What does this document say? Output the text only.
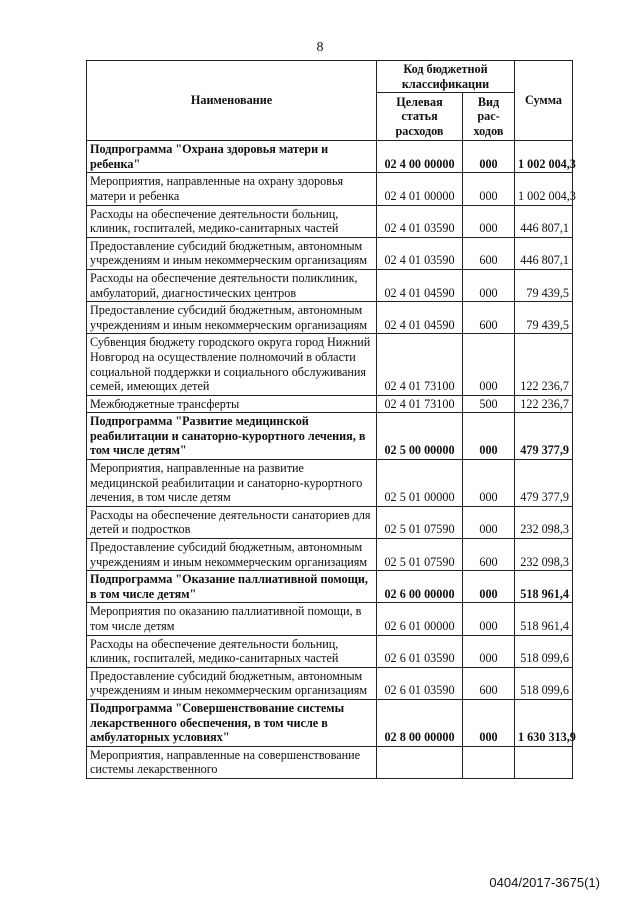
8
Наименование	Код бюджетной классификации		Сумма
	Целевая статья расходов	Вид рас-ходов	
Подпрограмма "Охрана здоровья матери и ребенка"	02 4 00 00000	000	1 002 004,3
Мероприятия, направленные на охрану здоровья матери и ребенка	02 4 01 00000	000	1 002 004,3
Расходы на обеспечение деятельности больниц, клиник, госпиталей, медико-санитарных частей	02 4 01 03590	000	446 807,1
Предоставление субсидий бюджетным, автономным учреждениям и иным некоммерческим организациям	02 4 01 03590	600	446 807,1
Расходы на обеспечение деятельности поликлиник, амбулаторий, диагностических центров	02 4 01 04590	000	79 439,5
Предоставление субсидий бюджетным, автономным учреждениям и иным некоммерческим организациям	02 4 01 04590	600	79 439,5
Субвенция бюджету городского округа город Нижний Новгород на осуществление полномочий в области социальной поддержки и социального обслуживания семей, имеющих детей	02 4 01 73100	000	122 236,7
Межбюджетные трансферты	02 4 01 73100	500	122 236,7
Подпрограмма "Развитие медицинской реабилитации и санаторно-курортного лечения, в том числе детям"	02 5 00 00000	000	479 377,9
Мероприятия, направленные на развитие медицинской реабилитации и санаторно-курортного лечения, в том числе детям	02 5 01 00000	000	479 377,9
Расходы на обеспечение деятельности санаториев для детей и подростков	02 5 01 07590	000	232 098,3
Предоставление субсидий бюджетным, автономным учреждениям и иным некоммерческим организациям	02 5 01 07590	600	232 098,3
Подпрограмма "Оказание паллиативной помощи, в том числе детям"	02 6 00 00000	000	518 961,4
Мероприятия по оказанию паллиативной помощи, в том числе детям	02 6 01 00000	000	518 961,4
Расходы на обеспечение деятельности больниц, клиник, госпиталей, медико-санитарных частей	02 6 01 03590	000	518 099,6
Предоставление субсидий бюджетным, автономным учреждениям и иным некоммерческим организациям	02 6 01 03590	600	518 099,6
Подпрограмма "Совершенствование системы лекарственного обеспечения, в том числе в амбулаторных условиях"	02 8 00 00000	000	1 630 313,9
Мероприятия, направленные на совершенствование системы лекарственного			
0404/2017-3675(1)
